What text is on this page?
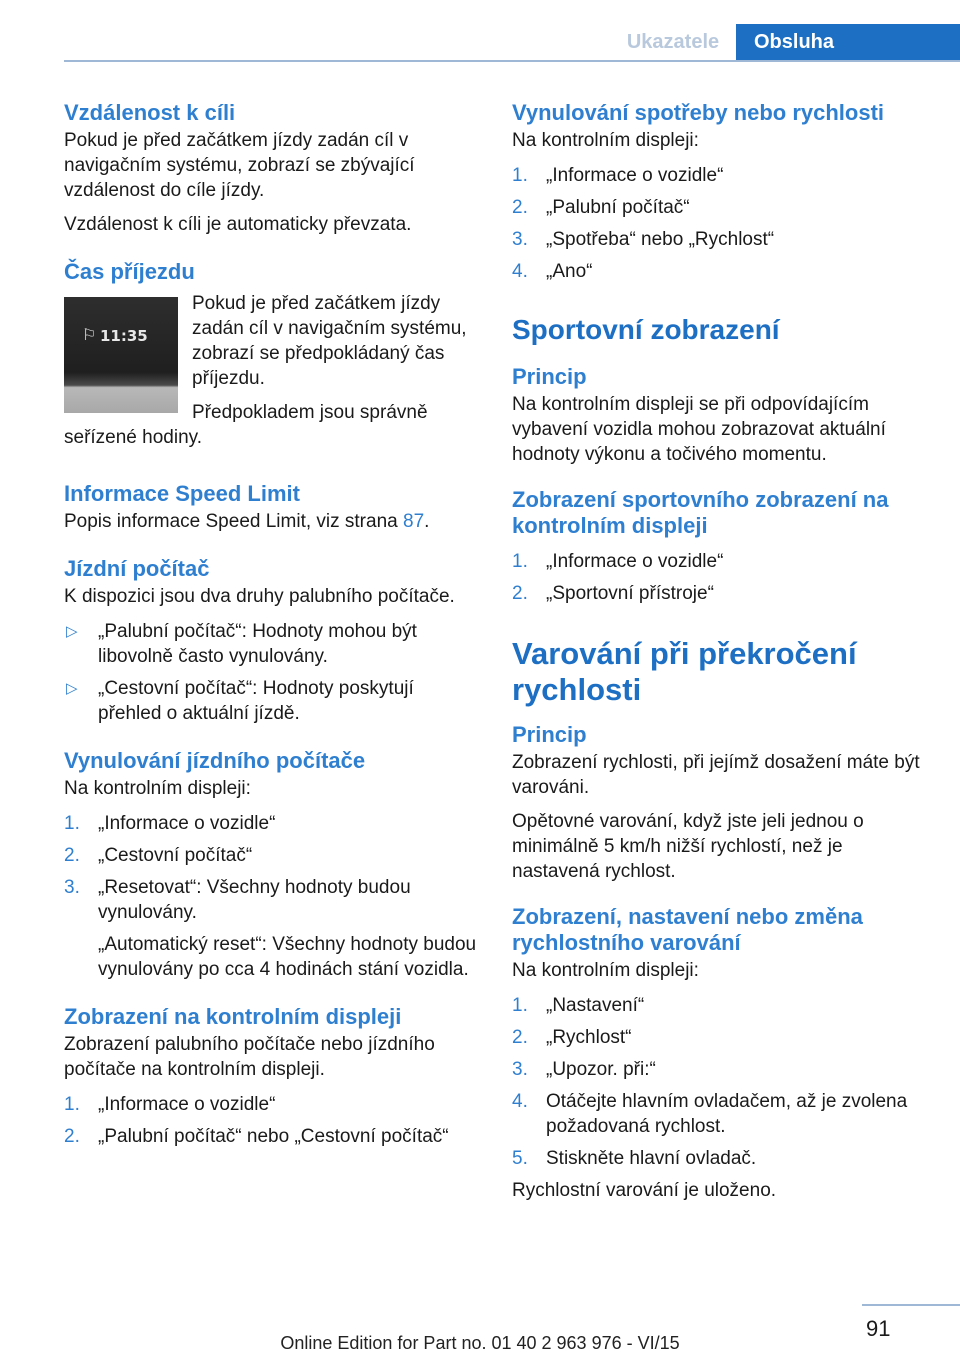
Ukazatele	Obsluha
Vzdálenost k cíli
Pokud je před začátkem jízdy zadán cíl v navigačním systému, zobrazí se zbývající vzdálenost do cíle jízdy.
Vzdálenost k cíli je automaticky převzata.
Čas příjezdu
⚐ 11:35
Pokud je před začátkem jízdy zadán cíl v navigačním systému, zobrazí se předpokládaný čas příjezdu.
Předpokladem jsou správně seřízené hodiny.
Informace Speed Limit
Popis informace Speed Limit, viz strana 87.
Jízdní počítač
K dispozici jsou dva druhy palubního počítače.
▷ „Palubní počítač“: Hodnoty mohou být libovolně často vynulovány.
▷ „Cestovní počítač“: Hodnoty poskytují přehled o aktuální jízdě.
Vynulování jízdního počítače
Na kontrolním displeji:
1. „Informace o vozidle“
2. „Cestovní počítač“
3. „Resetovat“: Všechny hodnoty budou vynulovány.
„Automatický reset“: Všechny hodnoty budou vynulovány po cca 4 hodinách stání vozidla.
Zobrazení na kontrolním displeji
Zobrazení palubního počítače nebo jízdního počítače na kontrolním displeji.
1. „Informace o vozidle“
2. „Palubní počítač“ nebo „Cestovní počítač“
Vynulování spotřeby nebo rychlosti
Na kontrolním displeji:
1. „Informace o vozidle“
2. „Palubní počítač“
3. „Spotřeba“ nebo „Rychlost“
4. „Ano“
Sportovní zobrazení
Princip
Na kontrolním displeji se při odpovídajícím vybavení vozidla mohou zobrazovat aktuální hodnoty výkonu a točivého momentu.
Zobrazení sportovního zobrazení na kontrolním displeji
1. „Informace o vozidle“
2. „Sportovní přístroje“
Varování při překročení rychlosti
Princip
Zobrazení rychlosti, při jejímž dosažení máte být varováni.
Opětovné varování, když jste jeli jednou o minimálně 5 km/h nižší rychlostí, než je nastavená rychlost.
Zobrazení, nastavení nebo změna rychlostního varování
Na kontrolním displeji:
1. „Nastavení“
2. „Rychlost“
3. „Upozor. při:“
4. Otáčejte hlavním ovladačem, až je zvolena požadovaná rychlost.
5. Stiskněte hlavní ovladač.
Rychlostní varování je uloženo.
91
Online Edition for Part no. 01 40 2 963 976 - VI/15
